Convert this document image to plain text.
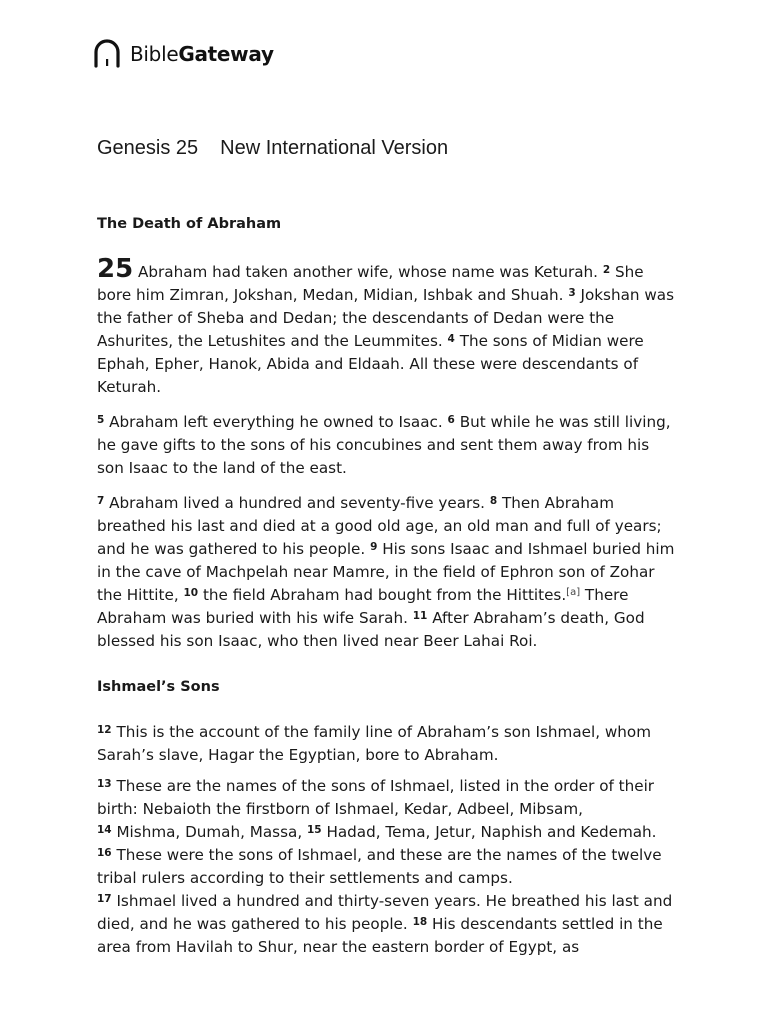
BibleGateway
Genesis 25 New International Version
The Death of Abraham

25 Abraham had taken another wife, whose name was Keturah. $^2$ She bore him Zimran, Jokshan, Medan, Midian, Ishbak and Shuah. $^3$ Jokshan was the father of Sheba and Dedan; the descendants of Dedan were the Ashurites, the Letushites and the Leummites. $^4$ The sons of Midian were Ephah, Epher, Hanok, Abida and Eldaah. All these were descendants of Keturah.

$^5$ Abraham left everything he owned to Isaac. $^6$ But while he was still living, he gave gifts to the sons of his concubines and sent them away from his son Isaac to the land of the east.

$^7$ Abraham lived a hundred and seventy-five years. $^8$ Then Abraham breathed his last and died at a good old age, an old man and full of years; and he was gathered to his people. $^9$ His sons Isaac and Ishmael buried him in the cave of Machpelah near Mamre, in the field of Ephron son of Zohar the Hittite, $^{10}$ the field Abraham had bought from the Hittites.[a] There Abraham was buried with his wife Sarah. $^{11}$ After Abraham’s death, God blessed his son Isaac, who then lived near Beer Lahai Roi.

Ishmael’s Sons

$^{12}$ This is the account of the family line of Abraham’s son Ishmael, whom Sarah’s slave, Hagar the Egyptian, bore to Abraham.

$^{13}$ These are the names of the sons of Ishmael, listed in the order of their birth: Nebaioth the firstborn of Ishmael, Kedar, Adbeel, Mibsam,
$^{14}$ Mishma, Dumah, Massa, $^{15}$ Hadad, Tema, Jetur, Naphish and Kedemah. $^{16}$ These were the sons of Ishmael, and these are the names of the twelve tribal rulers according to their settlements and camps.
$^{17}$ Ishmael lived a hundred and thirty-seven years. He breathed his last and died, and he was gathered to his people. $^{18}$ His descendants settled in the area from Havilah to Shur, near the eastern border of Egypt, as
